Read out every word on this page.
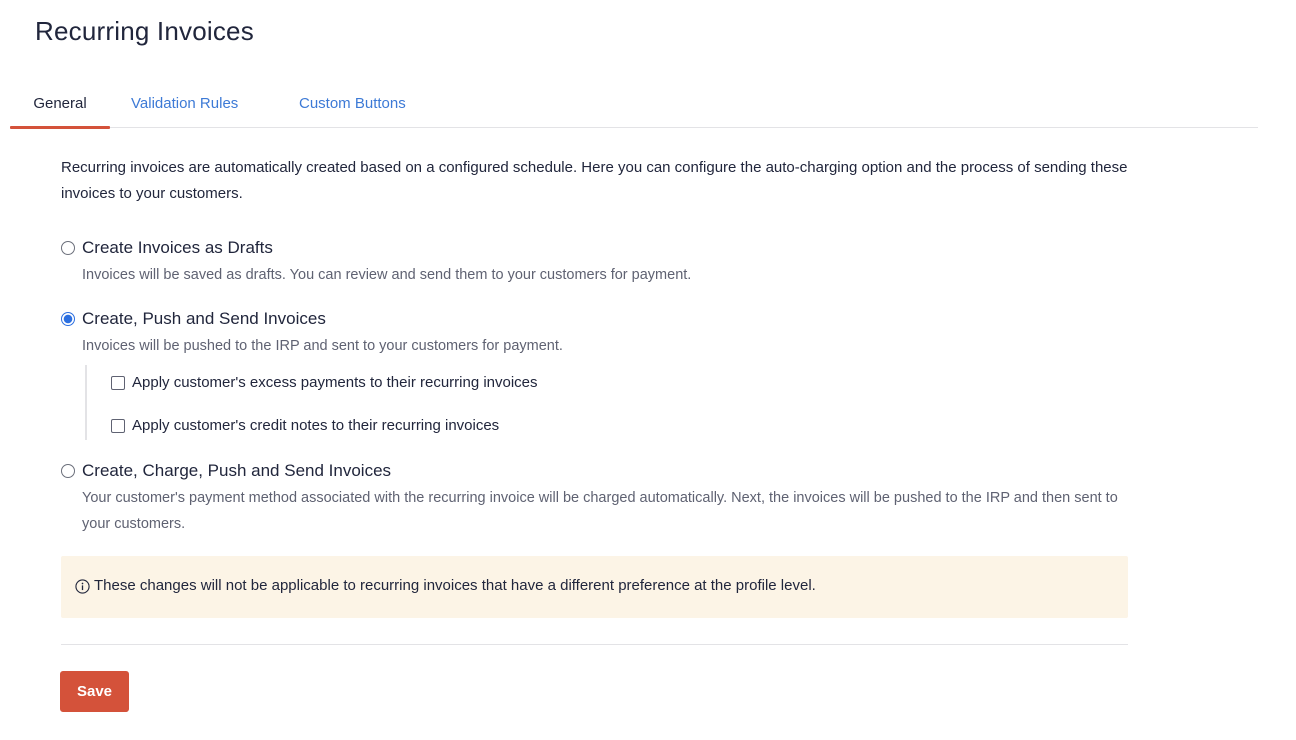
Recurring Invoices
General	Validation Rules	Custom Buttons

Recurring invoices are automatically created based on a configured schedule. Here you can configure the auto-charging option and the process of sending these invoices to your customers.

Create Invoices as Drafts
Invoices will be saved as drafts. You can review and send them to your customers for payment.
Create, Push and Send Invoices
Invoices will be pushed to the IRP and sent to your customers for payment.
Apply customer's excess payments to their recurring invoices
Apply customer's credit notes to their recurring invoices
Create, Charge, Push and Send Invoices
Your customer's payment method associated with the recurring invoice will be charged automatically. Next, the invoices will be pushed to the IRP and then sent to your customers.
These changes will not be applicable to recurring invoices that have a different preference at the profile level.
Save
